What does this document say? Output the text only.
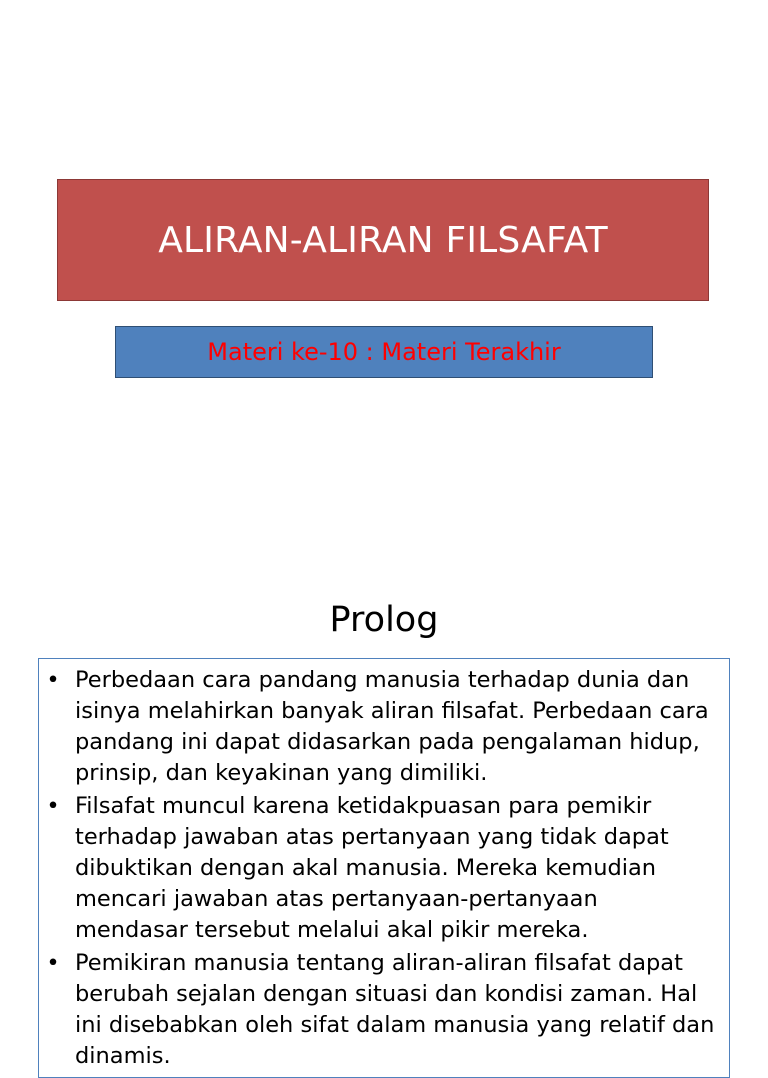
ALIRAN-ALIRAN FILSAFAT
Materi ke-10 : Materi Terakhir
Prolog
• Perbedaan cara pandang manusia terhadap dunia dan isinya melahirkan banyak aliran filsafat. Perbedaan cara pandang ini dapat didasarkan pada pengalaman hidup, prinsip, dan keyakinan yang dimiliki.
• Filsafat muncul karena ketidakpuasan para pemikir terhadap jawaban atas pertanyaan yang tidak dapat dibuktikan dengan akal manusia. Mereka kemudian mencari jawaban atas pertanyaan-pertanyaan mendasar tersebut melalui akal pikir mereka.
• Pemikiran manusia tentang aliran-aliran filsafat dapat berubah sejalan dengan situasi dan kondisi zaman. Hal ini disebabkan oleh sifat dalam manusia yang relatif dan dinamis.
